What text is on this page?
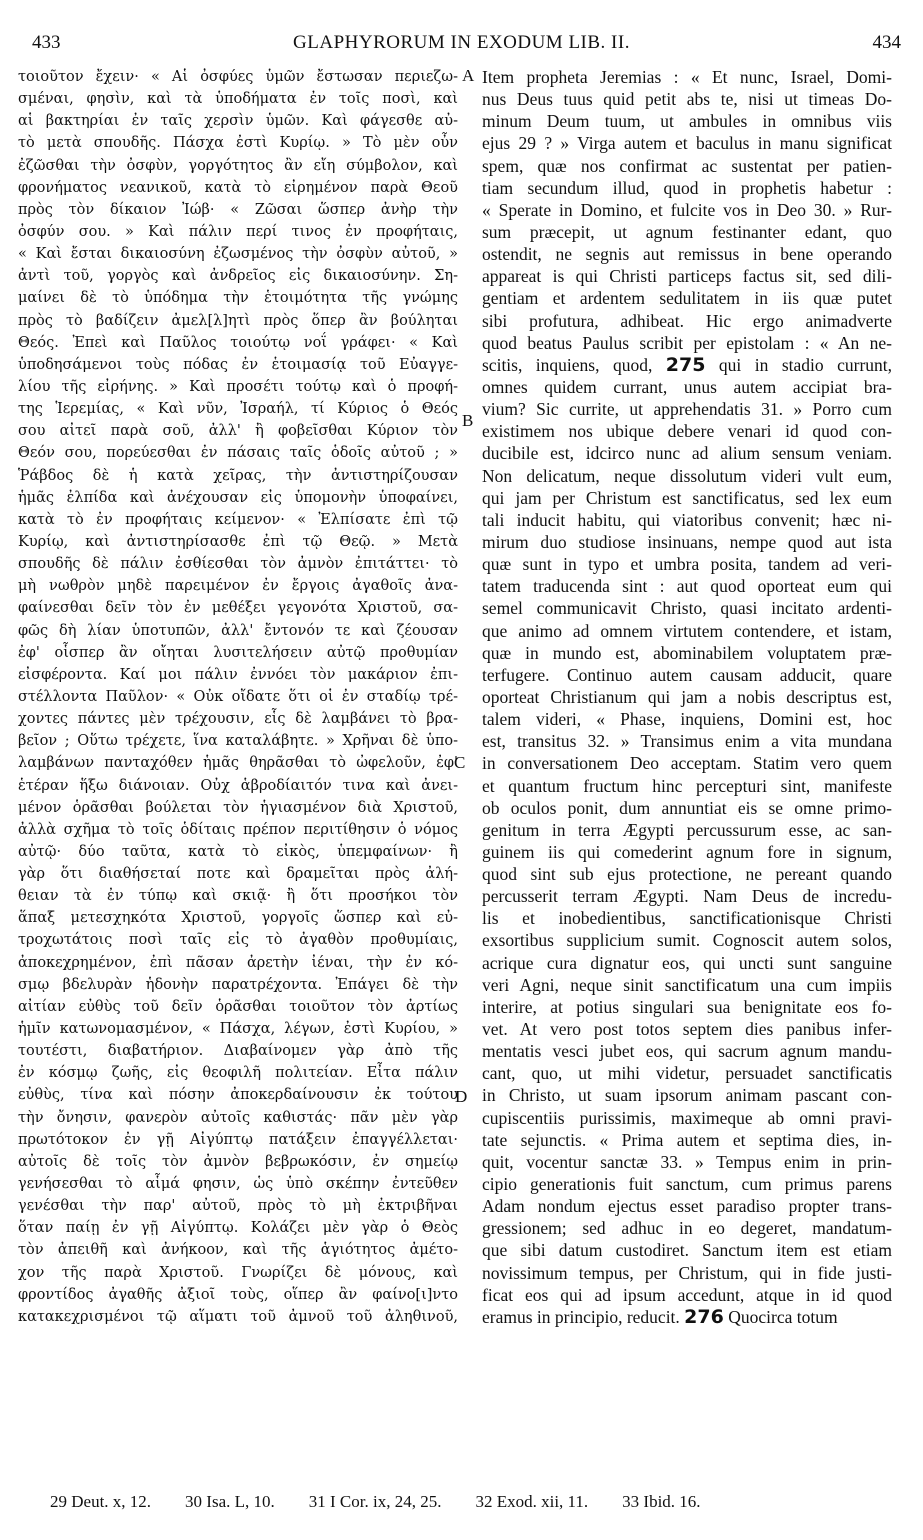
433	GLAPHYRORUM IN EXODUM LIB. II.	434
τοιοῦτον ἔχειν· « Αἱ ὀσφύες ὑμῶν ἔστωσαν περιεζω-
σμέναι, φησὶν, καὶ τὰ ὑποδήματα ἐν τοῖς ποσὶ, καὶ
αἱ βακτηρίαι ἐν ταῖς χερσὶν ὑμῶν. Καὶ φάγεσθε αὐ-
τὸ μετὰ σπουδῆς. Πάσχα ἐστὶ Κυρίῳ. » Τὸ μὲν οὖν
ἐζῶσθαι τὴν ὀσφὺν, γοργότητος ἂν εἴη σύμβολον, καὶ
φρονήματος νεανικοῦ, κατὰ τὸ εἰρημένον παρὰ Θεοῦ
πρὸς τὸν δίκαιον Ἰώβ· « Ζῶσαι ὥσπερ ἀνὴρ τὴν
ὀσφύν σου. » Καὶ πάλιν περί τινος ἐν προφήταις,
« Καὶ ἔσται δικαιοσύνη ἐζωσμένος τὴν ὀσφὺν αὐτοῦ, »
ἀντὶ τοῦ, γοργὸς καὶ ἀνδρεῖος εἰς δικαιοσύνην. Ση-
μαίνει δὲ τὸ ὑπόδημα τὴν ἑτοιμότητα τῆς γνώμης
πρὸς τὸ βαδίζειν ἀμελ[λ]ητὶ πρὸς ὅπερ ἂν βούληται
Θεός. Ἐπεὶ καὶ Παῦλος τοιούτῳ νοΐ γράφει· « Καὶ
ὑποδησάμενοι τοὺς πόδας ἐν ἑτοιμασίᾳ τοῦ Εὐαγγε-
λίου τῆς εἰρήνης. » Καὶ προσέτι τούτῳ καὶ ὁ προφή-
της Ἱερεμίας, « Καὶ νῦν, Ἰσραήλ, τί Κύριος ὁ Θεός
σου αἰτεῖ παρὰ σοῦ, ἀλλ' ἢ φοβεῖσθαι Κύριον τὸν
Θεόν σου, πορεύεσθαι ἐν πάσαις ταῖς ὁδοῖς αὐτοῦ ; »
Ῥάβδος δὲ ἡ κατὰ χεῖρας, τὴν ἀντιστηρίζουσαν
ἡμᾶς ἐλπίδα καὶ ἀνέχουσαν εἰς ὑπομονὴν ὑποφαίνει,
κατὰ τὸ ἐν προφήταις κείμενον· « Ἐλπίσατε ἐπὶ τῷ
Κυρίῳ, καὶ ἀντιστηρίσασθε ἐπὶ τῷ Θεῷ. » Μετὰ
σπουδῆς δὲ πάλιν ἐσθίεσθαι τὸν ἀμνὸν ἐπιτάττει· τὸ
μὴ νωθρὸν μηδὲ παρειμένον ἐν ἔργοις ἀγαθοῖς ἀνα-
φαίνεσθαι δεῖν τὸν ἐν μεθέξει γεγονότα Χριστοῦ, σα-
φῶς δὴ λίαν ὑποτυπῶν, ἀλλ' ἔντονόν τε καὶ ζέουσαν
ἐφ' οἷσπερ ἂν οἴηται λυσιτελήσειν αὐτῷ προθυμίαν
εἰσφέροντα. Καί μοι πάλιν ἐννόει τὸν μακάριον ἐπι-
στέλλοντα Παῦλον· « Οὐκ οἴδατε ὅτι οἱ ἐν σταδίῳ τρέ-
χοντες πάντες μὲν τρέχουσιν, εἷς δὲ λαμβάνει τὸ βρα-
βεῖον ; Οὕτω τρέχετε, ἵνα καταλάβητε. » Χρῆναι δὲ ὑπο-
λαμβάνων πανταχόθεν ἡμᾶς θηρᾶσθαι τὸ ὠφελοῦν, ἐφ'
ἑτέραν ἥξω διάνοιαν. Οὐχ ἁβροδίαιτόν τινα καὶ ἀνει-
μένον ὁρᾶσθαι βούλεται τὸν ἡγιασμένον διὰ Χριστοῦ,
ἀλλὰ σχῆμα τὸ τοῖς ὁδίταις πρέπον περιτίθησιν ὁ νόμος
αὐτῷ· δύο ταῦτα, κατὰ τὸ εἰκὸς, ὑπεμφαίνων· ἢ
γὰρ ὅτι διαθήσεταί ποτε καὶ δραμεῖται πρὸς ἀλή-
θειαν τὰ ἐν τύπῳ καὶ σκιᾷ· ἢ ὅτι προσήκοι τὸν
ἅπαξ μετεσχηκότα Χριστοῦ, γοργοῖς ὥσπερ καὶ εὐ-
τροχωτάτοις ποσὶ ταῖς εἰς τὸ ἀγαθὸν προθυμίαις,
ἀποκεχρημένον, ἐπὶ πᾶσαν ἀρετὴν ἰέναι, τὴν ἐν κό-
σμῳ βδελυρὰν ἡδονὴν παρατρέχοντα. Ἐπάγει δὲ τὴν
αἰτίαν εὐθὺς τοῦ δεῖν ὁρᾶσθαι τοιοῦτον τὸν ἀρτίως
ἡμῖν κατωνομασμένον, « Πάσχα, λέγων, ἐστὶ Κυρίου, »
τουτέστι, διαβατήριον. Διαβαίνομεν γὰρ ἀπὸ τῆς
ἐν κόσμῳ ζωῆς, εἰς θεοφιλῆ πολιτείαν. Εἶτα πάλιν
εὐθὺς, τίνα καὶ πόσην ἀποκερδαίνουσιν ἐκ τούτου
τὴν ὄνησιν, φανερὸν αὐτοῖς καθιστάς· πᾶν μὲν γὰρ
πρωτότοκον ἐν γῇ Αἰγύπτῳ πατάξειν ἐπαγγέλλεται·
αὐτοῖς δὲ τοῖς τὸν ἀμνὸν βεβρωκόσιν, ἐν σημείῳ
γενήσεσθαι τὸ αἷμά φησιν, ὡς ὑπὸ σκέπην ἐντεῦθεν
γενέσθαι τὴν παρ' αὐτοῦ, πρὸς τὸ μὴ ἐκτριβῆναι
ὅταν παίῃ ἐν γῇ Αἰγύπτῳ. Κολάζει μὲν γὰρ ὁ Θεὸς
τὸν ἀπειθῆ καὶ ἀνήκοον, καὶ τῆς ἁγιότητος ἀμέτο-
χον τῆς παρὰ Χριστοῦ. Γνωρίζει δὲ μόνους, καὶ
φροντίδος ἀγαθῆς ἀξιοῖ τοὺς, οἵπερ ἂν φαίνο[ι]ντο
κατακεχρισμένοι τῷ αἵματι τοῦ ἀμνοῦ τοῦ ἀληθινοῦ,
A
B
C
D
Item propheta Jeremias : « Et nunc, Israel, Domi-
nus Deus tuus quid petit abs te, nisi ut timeas Do-
minum Deum tuum, ut ambules in omnibus viis
ejus 29 ? » Virga autem et baculus in manu significat
spem, quæ nos confirmat ac sustentat per patien-
tiam secundum illud, quod in prophetis habetur :
« Sperate in Domino, et fulcite vos in Deo 30. » Rur-
sum præcepit, ut agnum festinanter edant, quo
ostendit, ne segnis aut remissus in bene operando
appareat is qui Christi particeps factus sit, sed dili-
gentiam et ardentem sedulitatem in iis quæ putet
sibi profutura, adhibeat. Hic ergo animadverte
quod beatus Paulus scribit per epistolam : « An ne-
scitis, inquiens, quod, 275 qui in stadio currunt,
omnes quidem currant, unus autem accipiat bra-
vium? Sic currite, ut apprehendatis 31. » Porro cum
existimem nos ubique debere venari id quod con-
ducibile est, idcirco nunc ad alium sensum veniam.
Non delicatum, neque dissolutum videri vult eum,
qui jam per Christum est sanctificatus, sed lex eum
tali inducit habitu, qui viatoribus convenit; hæc ni-
mirum duo studiose insinuans, nempe quod aut ista
quæ sunt in typo et umbra posita, tandem ad veri-
tatem traducenda sint : aut quod oporteat eum qui
semel communicavit Christo, quasi incitato ardenti-
que animo ad omnem virtutem contendere, et istam,
quæ in mundo est, abominabilem voluptatem præ-
terfugere. Continuo autem causam adducit, quare
oporteat Christianum qui jam a nobis descriptus est,
talem videri, « Phase, inquiens, Domini est, hoc
est, transitus 32. » Transimus enim a vita mundana
in conversationem Deo acceptam. Statim vero quem
et quantum fructum hinc percepturi sint, manifeste
ob oculos ponit, dum annuntiat eis se omne primo-
genitum in terra Ægypti percussurum esse, ac san-
guinem iis qui comederint agnum fore in signum,
quod sint sub ejus protectione, ne pereant quando
percusserit terram Ægypti. Nam Deus de incredu-
lis et inobedientibus, sanctificationisque Christi
exsortibus supplicium sumit. Cognoscit autem solos,
acrique cura dignatur eos, qui uncti sunt sanguine
veri Agni, neque sinit sanctificatum una cum impiis
interire, at potius singulari sua benignitate eos fo-
vet. At vero post totos septem dies panibus infer-
mentatis vesci jubet eos, qui sacrum agnum mandu-
cant, quo, ut mihi videtur, persuadet sanctificatis
in Christo, ut suam ipsorum animam pascant con-
cupiscentiis purissimis, maximeque ab omni pravi-
tate sejunctis. « Prima autem et septima dies, in-
quit, vocentur sanctæ 33. » Tempus enim in prin-
cipio generationis fuit sanctum, cum primus parens
Adam nondum ejectus esset paradiso propter trans-
gressionem; sed adhuc in eo degeret, mandatum-
que sibi datum custodiret. Sanctum item est etiam
novissimum tempus, per Christum, qui in fide justi-
ficat eos qui ad ipsum accedunt, atque in id quod
eramus in principio, reducit. 276 Quocirca totum
29 Deut. x, 12. 30 Isa. L, 10. 31 I Cor. ix, 24, 25. 32 Exod. xii, 11. 33 Ibid. 16.
